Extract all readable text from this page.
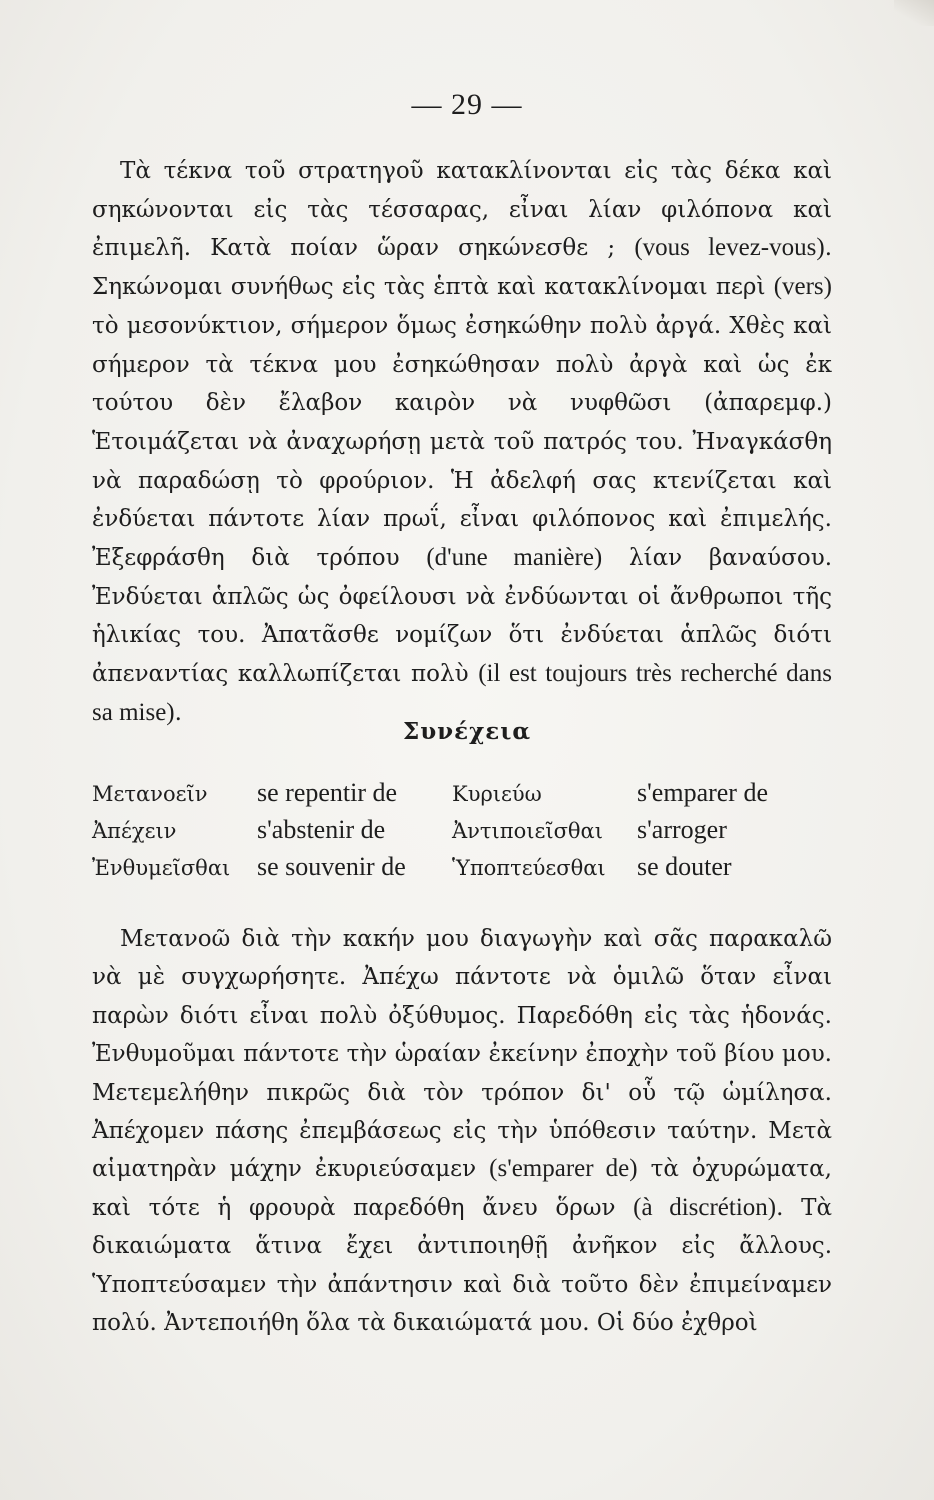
— 29 —

Τὰ τέκνα τοῦ στρατηγοῦ κατακλίνονται εἰς τὰς δέκα καὶ σηκώνονται εἰς τὰς τέσσαρας, εἶναι λίαν φιλόπονα καὶ ἐπιμελῆ. Κατὰ ποίαν ὥραν σηκώνεσθε ; (vous levez-vous). Σηκώνομαι συνήθως εἰς τὰς ἑπτὰ καὶ κατακλίνομαι περὶ (vers) τὸ μεσονύκτιον, σήμερον ὅμως ἐσηκώθην πολὺ ἀργά. Χθὲς καὶ σήμερον τὰ τέκνα μου ἐσηκώθησαν πολὺ ἀργὰ καὶ ὡς ἐκ τούτου δὲν ἔλαβον καιρὸν νὰ νυφθῶσι (ἀπαρεμφ.) Ἑτοιμάζεται νὰ ἀναχωρήσῃ μετὰ τοῦ πατρός του. Ἠναγκάσθη νὰ παραδώσῃ τὸ φρούριον. Ἡ ἀδελφή σας κτενίζεται καὶ ἐνδύεται πάντοτε λίαν πρωΐ, εἶναι φιλόπονος καὶ ἐπιμελής. Ἐξεφράσθη διὰ τρόπου (d'une manière) λίαν βαναύσου. Ἐνδύεται ἁπλῶς ὡς ὀφείλουσι νὰ ἐνδύωνται οἱ ἄνθρωποι τῆς ἡλικίας του. Ἀπατᾶσθε νομίζων ὅτι ἐνδύεται ἁπλῶς διότι ἀπεναντίας καλλωπίζεται πολὺ (il est toujours très recherché dans sa mise).

Συνέχεια
Μετανοεῖν se repentir de	Κυριεύω	s'emparer de
Ἀπέχειν	s'abstenir de	Ἀντιποιεῖσθαι s'arroger
Ἐνθυμεῖσθαι se souvenir de Ὑποπτεύεσθαι se douter

Μετανοῶ διὰ τὴν κακήν μου διαγωγὴν καὶ σᾶς παρακαλῶ νὰ μὲ συγχωρήσητε. Ἀπέχω πάντοτε νὰ ὁμιλῶ ὅταν εἶναι παρὼν διότι εἶναι πολὺ ὀξύθυμος. Παρεδόθη εἰς τὰς ἡδονάς. Ἐνθυμοῦμαι πάντοτε τὴν ὡραίαν ἐκείνην ἐποχὴν τοῦ βίου μου. Μετεμελήθην πικρῶς διὰ τὸν τρόπον δι' οὗ τῷ ὡμίλησα. Ἀπέχομεν πάσης ἐπεμβάσεως εἰς τὴν ὑπόθεσιν ταύτην. Μετὰ αἱματηρὰν μάχην ἐκυριεύσαμεν (s'emparer de) τὰ ὀχυρώματα, καὶ τότε ἡ φρουρὰ παρεδόθη ἄνευ ὅρων (à discrétion). Τὰ δικαιώματα ἅτινα ἔχει ἀντιποιηθῇ ἀνῆκον εἰς ἄλλους. Ὑποπτεύσαμεν τὴν ἀπάντησιν καὶ διὰ τοῦτο δὲν ἐπιμείναμεν πολύ. Ἀντεποιήθη ὅλα τὰ δικαιώματά μου. Οἱ δύο ἐχθροὶ
